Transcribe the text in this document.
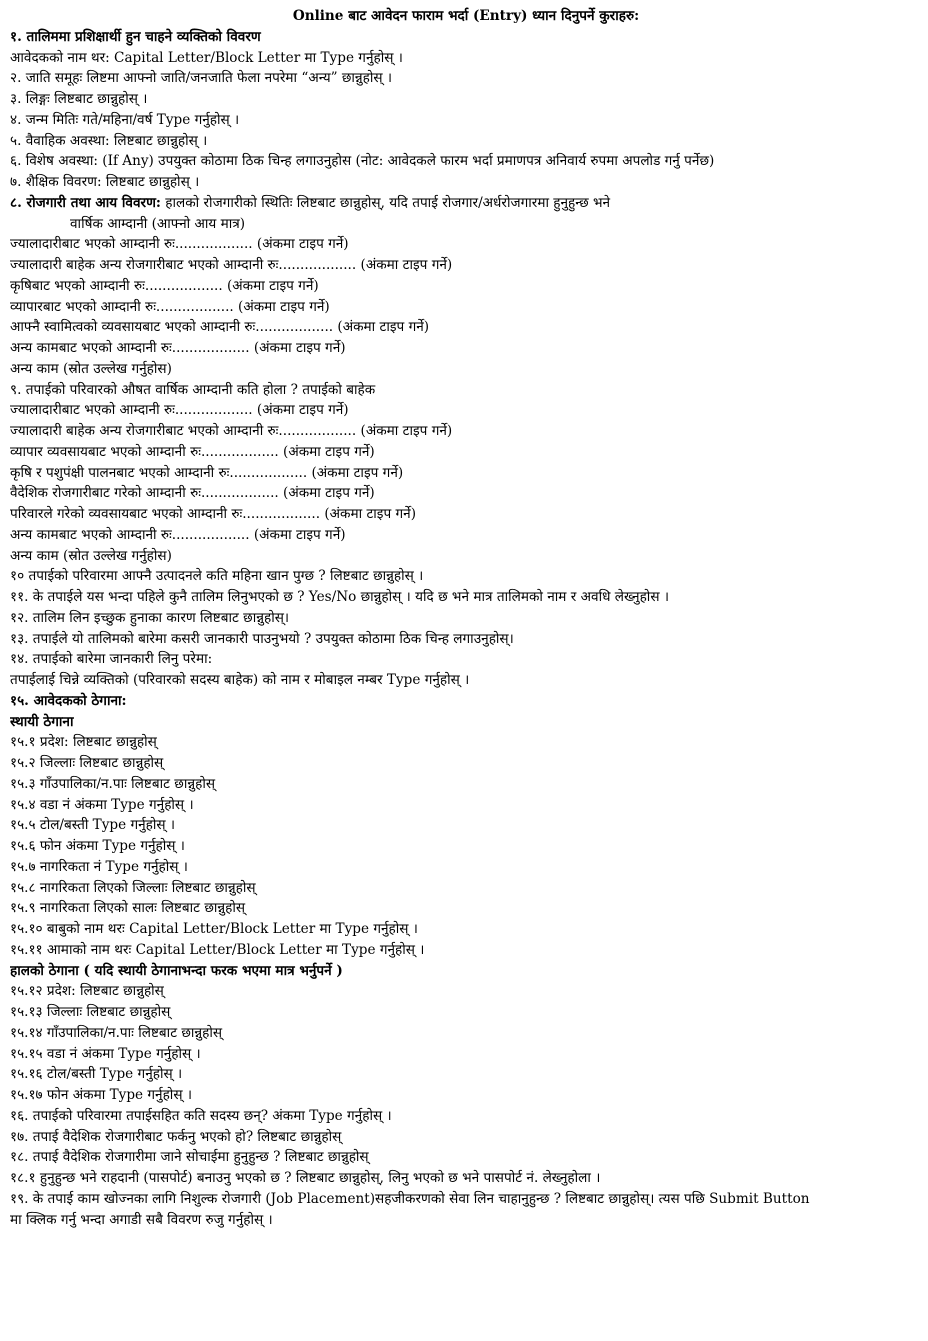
Online बाट आवेदन फाराम भर्दा (Entry) ध्यान दिनुपर्ने कुराहरु:
१. तालिममा प्रशिक्षार्थी हुन चाहने व्यक्तिको विवरण
आवेदकको नाम थर: Capital Letter/Block Letter मा Type गर्नुहोस् ।
२. जाति समूहः लिष्टमा आफ्नो जाति/जनजाति फेला नपरेमा “अन्य” छान्नुहोस् ।
३. लिङ्गः लिष्टबाट छान्नुहोस् ।
४. जन्म मितिः गते/महिना/वर्ष Type गर्नुहोस् ।
५. वैवाहिक अवस्था: लिष्टबाट छान्नुहोस् ।
६. विशेष अवस्था: (If Any) उपयुक्त कोठामा ठिक चिन्ह लगाउनुहोस (नोट: आवेदकले फारम भर्दा प्रमाणपत्र अनिवार्य रुपमा अपलोड गर्नु पर्नेछ)
७. शैक्षिक विवरण: लिष्टबाट छान्नुहोस् ।
८. रोजगारी तथा आय विवरण: हालको रोजगारीको स्थितिः लिष्टबाट छान्नुहोस्, यदि तपाई रोजगार/अर्धरोजगारमा हुनुहुन्छ भने
वार्षिक आम्दानी (आफ्नो आय मात्र)
ज्यालादारीबाट भएको आम्दानी रुः.................. (अंकमा टाइप गर्ने)
ज्यालादारी बाहेक अन्य रोजगारीबाट भएको आम्दानी रुः.................. (अंकमा टाइप गर्ने)
कृषिबाट भएको आम्दानी रुः.................. (अंकमा टाइप गर्ने)
व्यापारबाट भएको आम्दानी रुः.................. (अंकमा टाइप गर्ने)
आफ्नै स्वामित्वको व्यवसायबाट भएको आम्दानी रुः.................. (अंकमा टाइप गर्ने)
अन्य कामबाट भएको आम्दानी रुः.................. (अंकमा टाइप गर्ने)
अन्य काम (स्रोत उल्लेख गर्नुहोस)
९. तपाईको परिवारको औषत वार्षिक आम्दानी कति होला ? तपाईको बाहेक
ज्यालादारीबाट भएको आम्दानी रुः.................. (अंकमा टाइप गर्ने)
ज्यालादारी बाहेक अन्य रोजगारीबाट भएको आम्दानी रुः.................. (अंकमा टाइप गर्ने)
व्यापार व्यवसायबाट भएको आम्दानी रुः.................. (अंकमा टाइप गर्ने)
कृषि र पशुपंक्षी पालनबाट भएको आम्दानी रुः.................. (अंकमा टाइप गर्ने)
वैदेशिक रोजगारीबाट गरेको आम्दानी रुः.................. (अंकमा टाइप गर्ने)
परिवारले गरेको व्यवसायबाट भएको आम्दानी रुः.................. (अंकमा टाइप गर्ने)
अन्य कामबाट भएको आम्दानी रुः.................. (अंकमा टाइप गर्ने)
अन्य काम (स्रोत उल्लेख गर्नुहोस)
१० तपाईको परिवारमा आफ्नै उत्पादनले कति महिना खान पुग्छ ? लिष्टबाट छान्नुहोस् ।
११. के तपाईले यस भन्दा पहिले कुनै तालिम लिनुभएको छ ? Yes/No छान्नुहोस् । यदि छ भने मात्र तालिमको नाम र अवधि लेख्नुहोस ।
१२. तालिम लिन इच्छुक हुनाका कारण लिष्टबाट छान्नुहोस्।
१३. तपाईले यो तालिमको बारेमा कसरी जानकारी पाउनुभयो ? उपयुक्त कोठामा ठिक चिन्ह लगाउनुहोस्।
१४. तपाईको बारेमा जानकारी लिनु परेमा:
तपाईलाई चिन्ने व्यक्तिको (परिवारको सदस्य बाहेक) को नाम र मोबाइल नम्बर Type गर्नुहोस् ।
१५. आवेदकको ठेगाना:
स्थायी ठेगाना
१५.१ प्रदेश: लिष्टबाट छान्नुहोस्
१५.२ जिल्लाः लिष्टबाट छान्नुहोस्
१५.३ गाँउपालिका/न.पाः लिष्टबाट छान्नुहोस्
१५.४ वडा नं अंकमा Type गर्नुहोस् ।
१५.५ टोल/बस्ती Type गर्नुहोस् ।
१५.६ फोन अंकमा Type गर्नुहोस् ।
१५.७ नागरिकता नं Type गर्नुहोस् ।
१५.८ नागरिकता लिएको जिल्लाः लिष्टबाट छान्नुहोस्
१५.९ नागरिकता लिएको सालः लिष्टबाट छान्नुहोस्
१५.१० बाबुको नाम थरः Capital Letter/Block Letter मा Type गर्नुहोस् ।
१५.११ आमाको नाम थरः Capital Letter/Block Letter मा Type गर्नुहोस् ।
हालको ठेगाना ( यदि स्थायी ठेगानाभन्दा फरक भएमा मात्र भर्नुपर्ने )
१५.१२ प्रदेश: लिष्टबाट छान्नुहोस्
१५.१३ जिल्लाः लिष्टबाट छान्नुहोस्
१५.१४ गाँउपालिका/न.पाः लिष्टबाट छान्नुहोस्
१५.१५ वडा नं अंकमा Type गर्नुहोस् ।
१५.१६ टोल/बस्ती Type गर्नुहोस् ।
१५.१७ फोन अंकमा Type गर्नुहोस् ।
१६. तपाईको परिवारमा तपाईसहित कति सदस्य छन्? अंकमा Type गर्नुहोस् ।
१७. तपाई वैदेशिक रोजगारीबाट फर्कनु भएको हो? लिष्टबाट छान्नुहोस्
१८. तपाई वैदेशिक रोजगारीमा जाने सोचाईमा हुनुहुन्छ ? लिष्टबाट छान्नुहोस्
१८.१ हुनुहुन्छ भने राहदानी (पासपोर्ट) बनाउनु भएको छ ? लिष्टबाट छान्नुहोस्, लिनु भएको छ भने पासपोर्ट नं. लेख्नुहोला ।
१९. के तपाई काम खोज्नका लागि निशुल्क रोजगारी (Job Placement)सहजीकरणको सेवा लिन चाहानुहुन्छ ? लिष्टबाट छान्नुहोस्। त्यस पछि Submit Button
मा क्लिक गर्नु भन्दा अगाडी सबै विवरण रुजु गर्नुहोस् ।
